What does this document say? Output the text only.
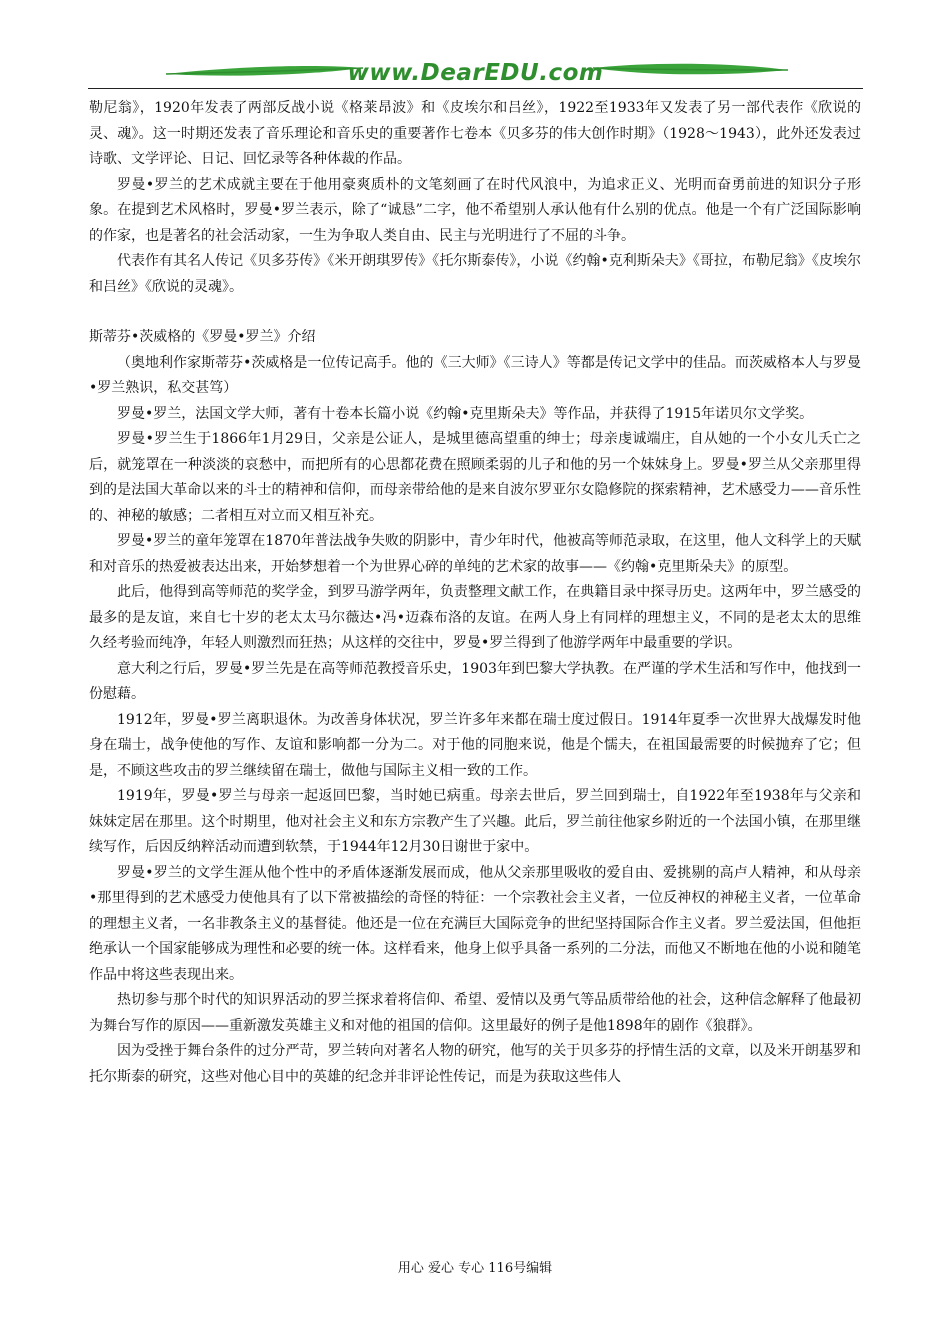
www.DearEDU.com

勒尼翁》，1920年发表了两部反战小说《格莱昂波》和《皮埃尔和吕丝》，1922至1933年又发表了另一部代表作《欣说的灵、魂》。这一时期还发表了音乐理论和音乐史的重要著作七卷本《贝多芬的伟大创作时期》（1928～1943），此外还发表过诗歌、文学评论、日记、回忆录等各种体裁的作品。

罗曼•罗兰的艺术成就主要在于他用豪爽质朴的文笔刻画了在时代风浪中，为追求正义、光明而奋勇前进的知识分子形象。在提到艺术风格时，罗曼•罗兰表示，除了“诚恳”二字，他不希望别人承认他有什么别的优点。他是一个有广泛国际影响的作家，也是著名的社会活动家，一生为争取人类自由、民主与光明进行了不屈的斗争。

代表作有其名人传记《贝多芬传》《米开朗琪罗传》《托尔斯泰传》，小说《约翰•克利斯朵夫》《哥拉，布勒尼翁》《皮埃尔和吕丝》《欣说的灵魂》。

斯蒂芬•茨威格的《罗曼•罗兰》介绍

（奥地利作家斯蒂芬•茨威格是一位传记高手。他的《三大师》《三诗人》等都是传记文学中的佳品。而茨威格本人与罗曼•罗兰熟识，私交甚笃）

罗曼•罗兰，法国文学大师，著有十卷本长篇小说《约翰•克里斯朵夫》等作品，并获得了1915年诺贝尔文学奖。

罗曼•罗兰生于1866年1月29日，父亲是公证人，是城里德高望重的绅士；母亲虔诚端庄，自从她的一个小女儿夭亡之后，就笼罩在一种淡淡的哀愁中，而把所有的心思都花费在照顾柔弱的儿子和他的另一个妹妹身上。罗曼•罗兰从父亲那里得到的是法国大革命以来的斗士的精神和信仰，而母亲带给他的是来自波尔罗亚尔女隐修院的探索精神，艺术感受力——音乐性的、神秘的敏感；二者相互对立而又相互补充。

罗曼•罗兰的童年笼罩在1870年普法战争失败的阴影中，青少年时代，他被高等师范录取，在这里，他人文科学上的天赋和对音乐的热爱被表达出来，开始梦想着一个为世界心碎的单纯的艺术家的故事——《约翰•克里斯朵夫》的原型。

此后，他得到高等师范的奖学金，到罗马游学两年，负责整理文献工作，在典籍目录中探寻历史。这两年中，罗兰感受的最多的是友谊，来自七十岁的老太太马尔薇达•冯•迈森布洛的友谊。在两人身上有同样的理想主义，不同的是老太太的思维久经考验而纯净，年轻人则激烈而狂热；从这样的交往中，罗曼•罗兰得到了他游学两年中最重要的学识。

意大利之行后，罗曼•罗兰先是在高等师范教授音乐史，1903年到巴黎大学执教。在严谨的学术生活和写作中，他找到一份慰藉。

1912年，罗曼•罗兰离职退休。为改善身体状况，罗兰许多年来都在瑞士度过假日。1914年夏季一次世界大战爆发时他身在瑞士，战争使他的写作、友谊和影响都一分为二。对于他的同胞来说，他是个懦夫，在祖国最需要的时候抛弃了它；但是，不顾这些攻击的罗兰继续留在瑞士，做他与国际主义相一致的工作。

1919年，罗曼•罗兰与母亲一起返回巴黎，当时她已病重。母亲去世后，罗兰回到瑞士，自1922年至1938年与父亲和妹妹定居在那里。这个时期里，他对社会主义和东方宗教产生了兴趣。此后，罗兰前往他家乡附近的一个法国小镇，在那里继续写作，后因反纳粹活动而遭到软禁，于1944年12月30日谢世于家中。

罗曼•罗兰的文学生涯从他个性中的矛盾体逐渐发展而成，他从父亲那里吸收的爱自由、爱挑剔的高卢人精神，和从母亲•那里得到的艺术感受力使他具有了以下常被描绘的奇怪的特征：一个宗教社会主义者，一位反神权的神秘主义者，一位革命的理想主义者，一名非教条主义的基督徒。他还是一位在充满巨大国际竞争的世纪坚持国际合作主义者。罗兰爱法国，但他拒绝承认一个国家能够成为理性和必要的统一体。这样看来，他身上似乎具备一系列的二分法，而他又不断地在他的小说和随笔作品中将这些表现出来。

热切参与那个时代的知识界活动的罗兰探求着将信仰、希望、爱情以及勇气等品质带给他的社会，这种信念解释了他最初为舞台写作的原因——重新激发英雄主义和对他的祖国的信仰。这里最好的例子是他1898年的剧作《狼群》。

因为受挫于舞台条件的过分严苛，罗兰转向对著名人物的研究，他写的关于贝多芬的抒情生活的文章，以及米开朗基罗和托尔斯泰的研究，这些对他心目中的英雄的纪念并非评论性传记，而是为获取这些伟人

用心 爱心 专心 116号编辑
